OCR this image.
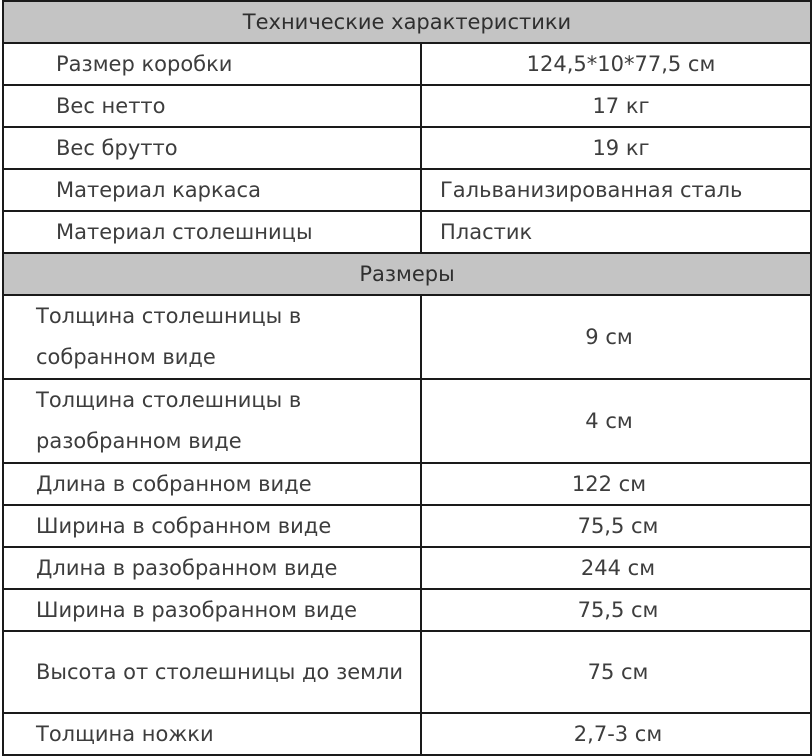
Технические характеристики	
Размер коробки	124,5*10*77,5 см
Вес нетто	17 кг
Вес брутто	19 кг
Материал каркаса	Гальванизированная сталь
Материал столешницы	Пластик
Размеры	
Толщина столешницы в собранном виде	9 см
Толщина столешницы в разобранном виде	4 см
Длина в собранном виде	122 см
Ширина в собранном виде	75,5 см
Длина в разобранном виде	244 см
Ширина в разобранном виде	75,5 см
Высота от столешницы до земли	75 см
Толщина ножки	2,7-3 см
